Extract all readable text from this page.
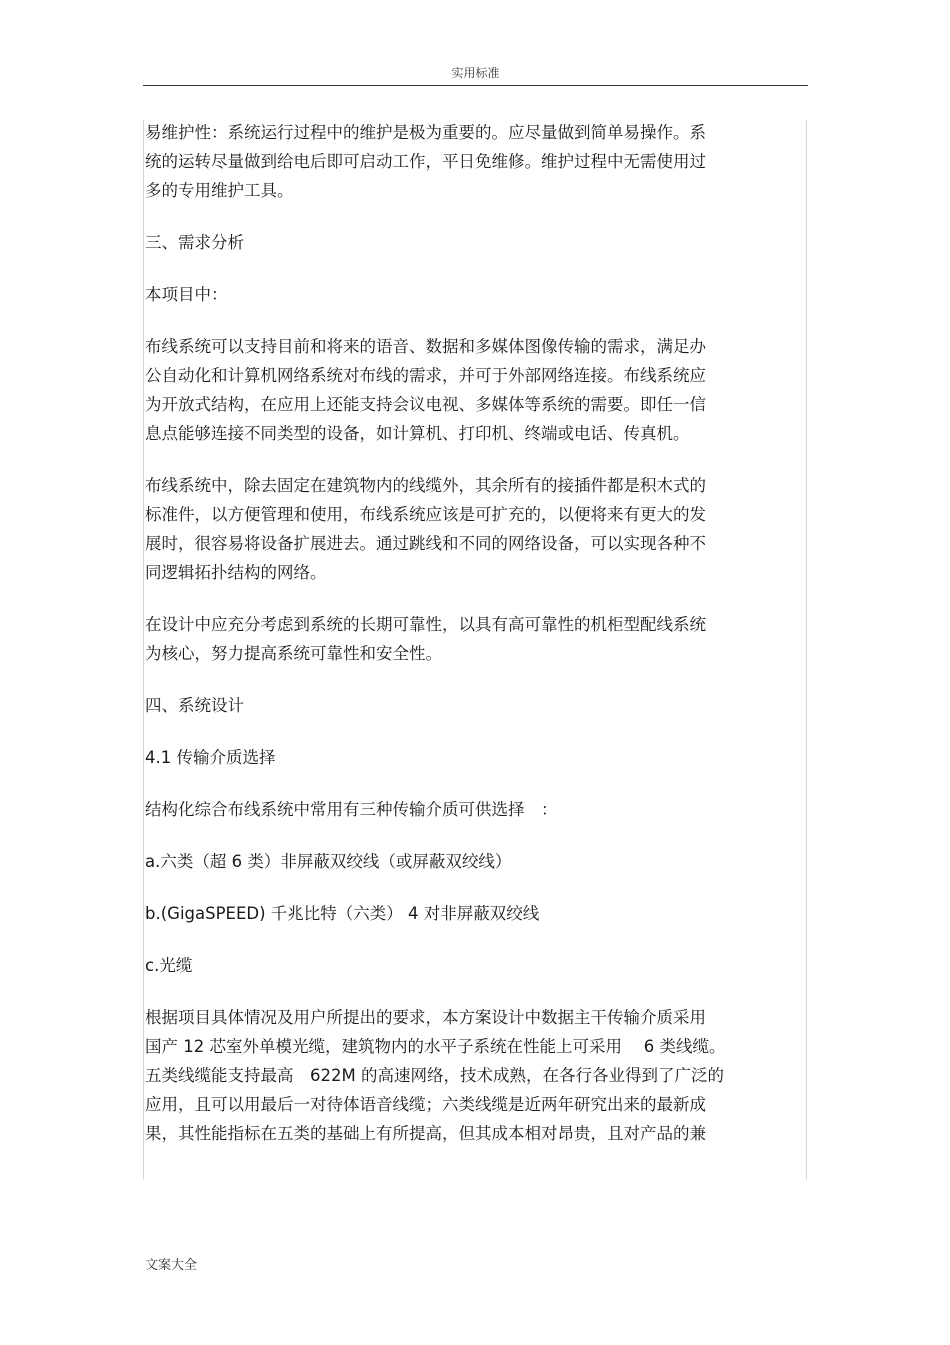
实用标准
易维护性：系统运行过程中的维护是极为重要的。应尽量做到简单易操作。系
统的运转尽量做到给电后即可启动工作，平日免维修。维护过程中无需使用过
多的专用维护工具。
三、需求分析
本项目中：
布线系统可以支持目前和将来的语音、数据和多媒体图像传输的需求，满足办
公自动化和计算机网络系统对布线的需求，并可于外部网络连接。布线系统应
为开放式结构，在应用上还能支持会议电视、多媒体等系统的需要。即任一信
息点能够连接不同类型的设备，如计算机、打印机、终端或电话、传真机。
布线系统中，除去固定在建筑物内的线缆外，其余所有的接插件都是积木式的
标准件，以方便管理和使用，布线系统应该是可扩充的，以便将来有更大的发
展时，很容易将设备扩展进去。通过跳线和不同的网络设备，可以实现各种不
同逻辑拓扑结构的网络。
在设计中应充分考虑到系统的长期可靠性，以具有高可靠性的机柜型配线系统
为核心，努力提高系统可靠性和安全性。
四、系统设计
4.1 传输介质选择
结构化综合布线系统中常用有三种传输介质可供选择　：
a.六类（超 6 类）非屏蔽双绞线（或屏蔽双绞线）
b.(GigaSPEED) 千兆比特（六类） 4 对非屏蔽双绞线
c.光缆
根据项目具体情况及用户所提出的要求，本方案设计中数据主干传输介质采用
国产 12 芯室外单模光缆，建筑物内的水平子系统在性能上可采用　 6 类线缆。
五类线缆能支持最高　622M 的高速网络，技术成熟，在各行各业得到了广泛的
应用，且可以用最后一对待体语音线缆；六类线缆是近两年研究出来的最新成
果，其性能指标在五类的基础上有所提高，但其成本相对昂贵，且对产品的兼
文案大全
